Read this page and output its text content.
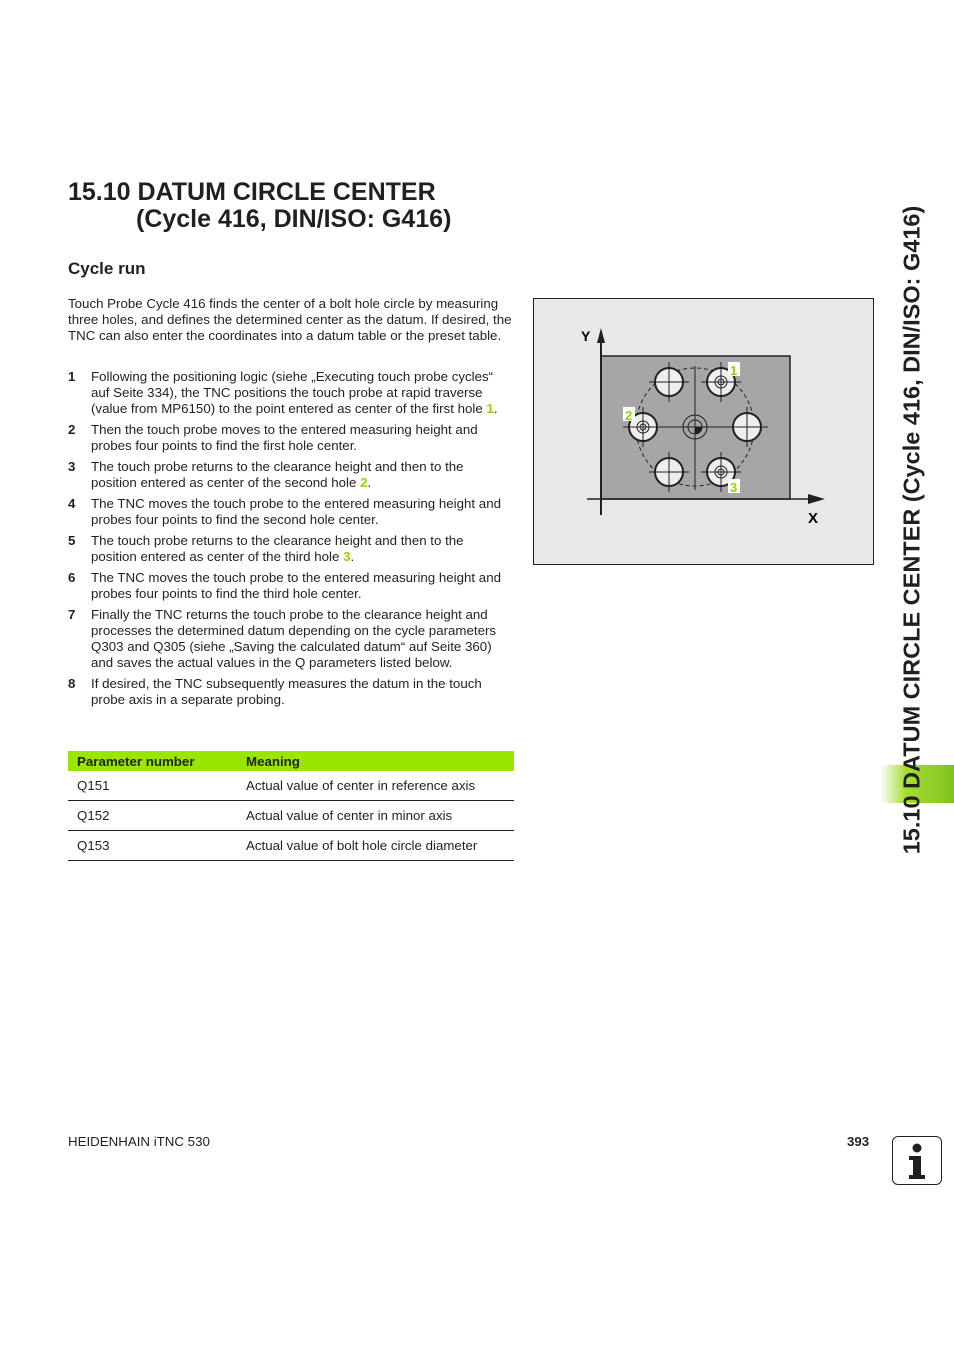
15.10 DATUM CIRCLE CENTER
(Cycle 416, DIN/ISO: G416)
Cycle run

Touch Probe Cycle 416 finds the center of a bolt hole circle by measuring three holes, and defines the determined center as the datum. If desired, the TNC can also enter the coordinates into a datum table or the preset table.

1 Following the positioning logic (siehe „Executing touch probe cycles“ auf Seite 334), the TNC positions the touch probe at rapid traverse (value from MP6150) to the point entered as center of the first hole 1.
2 Then the touch probe moves to the entered measuring height and probes four points to find the first hole center.
3 The touch probe returns to the clearance height and then to the position entered as center of the second hole 2.
4 The TNC moves the touch probe to the entered measuring height and probes four points to find the second hole center.
5 The touch probe returns to the clearance height and then to the position entered as center of the third hole 3.
6 The TNC moves the touch probe to the entered measuring height and probes four points to find the third hole center.
7 Finally the TNC returns the touch probe to the clearance height and processes the determined datum depending on the cycle parameters Q303 and Q305 (siehe „Saving the calculated datum“ auf Seite 360) and saves the actual values in the Q parameters listed below.
8 If desired, the TNC subsequently measures the datum in the touch probe axis in a separate probing.
Parameter number	Meaning
Q151	Actual value of center in reference axis
Q152	Actual value of center in minor axis
Q153	Actual value of bolt hole circle diameter
Y
X
1
2
3	15.10 DATUM CIRCLE CENTER (Cycle 416, DIN/ISO: G416)
HEIDENHAIN iTNC 530	393
